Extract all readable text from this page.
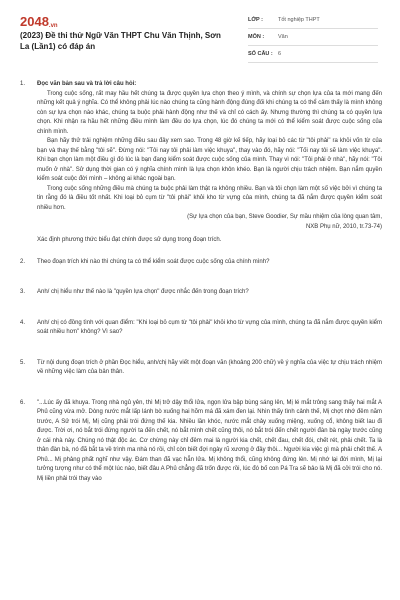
2048.vn
(2023) Đề thi thử Ngữ Văn THPT Chu Văn Thịnh, Sơn La (Lần1) có đáp án
LỚP :	Tốt nghiệp THPT
MÔN :	Văn
SỐ CÂU : 6
1.	Đọc văn bản sau và trả lời câu hỏi:

Trong cuộc sống, rất may hầu hết chúng ta được quyền lựa chọn theo ý mình, và chính sự chọn lựa của ta mới mang đến những kết quả ý nghĩa. Có thể không phải lúc nào chúng ta cũng hành động đúng đối khi chúng ta có thể cảm thấy là mình không còn sự lựa chọn nào khác, chúng ta buộc phải hành động như thế và chỉ có cách ấy. Nhưng thường thì chúng ta có quyền lựa chọn. Khi nhận ra hầu hết những điều mình làm đều do lựa chọn, lúc đó chúng ta mới có thể kiểm soát được cuộc sống của chính mình.

Bạn hãy thử trải nghiệm những điều sau đây xem sao. Trong 48 giờ kế tiếp, hãy loại bỏ các từ "tôi phải" ra khỏi vốn từ của bạn và thay thế bằng "tôi sẽ". Đừng nói: "Tôi nay tôi phải làm việc khuya", thay vào đó, hãy nói: "Tối nay tôi sẽ làm việc khuya". Khi bạn chọn làm một điều gì đó lúc là bạn đang kiểm soát được cuộc sống của mình. Thay vì nói: "Tôi phải ở nhà", hãy nói: "Tôi muốn ở nhà". Sử dụng thời gian có ý nghĩa chính mình là lựa chọn khôn khéo. Bạn là người chịu trách nhiệm. Bạn nắm quyền kiểm soát cuộc đời mình – không ai khác ngoài bạn.

Trong cuộc sống những điều mà chúng ta buộc phải làm thật ra không nhiều. Bạn và tôi chọn làm một số việc bởi vì chúng ta tin rằng đó là điều tốt nhất. Khi loại bỏ cụm từ "tôi phải" khỏi kho từ vựng của mình, chúng ta đã nắm được quyền kiểm soát nhiều hơn.

(Sự lựa chọn của bạn, Steve Goodier, Sự mầu nhiệm của lòng quan tâm,
NXB Phụ nữ, 2010, tr.73-74)

Xác định phương thức biểu đạt chính được sử dụng trong đoạn trích.

2.	Theo đoạn trích khi nào thì chúng ta có thể kiểm soát được cuộc sống của chính mình?
3.	Anh/ chị hiểu như thế nào là "quyền lựa chọn" được nhắc đến trong đoạn trích?
4.	Anh/ chị có đồng tình với quan điểm: "Khi loại bỏ cụm từ "tôi phải" khỏi kho từ vựng của mình, chúng ta đã nắm được quyền kiểm soát nhiều hơn" không? Vì sao?
5.	Từ nội dung đoạn trích ở phần Đọc hiểu, anh/chị hãy viết một đoạn văn (khoảng 200 chữ) về ý nghĩa của việc tự chịu trách nhiệm về những việc làm của bản thân.
6.	"...Lúc ấy đã khuya. Trong nhà ngủ yên, thì Mị trở dậy thổi lửa, ngọn lửa bập bùng sáng lên, Mị lé mắt trông sang thấy hai mắt A Phủ cũng vừa mở. Dòng nước mắt lấp lánh bò xuống hai hõm má đã xám đen lại. Nhìn thấy tình cảnh thế, Mị chợt nhớ đêm năm trước, A Sử trói Mị, Mị cũng phải trói đứng thế kia. Nhiều lần khóc, nước mắt chảy xuống miệng, xuống cổ, không biết lau đi được. Trời ơi, nó bắt trói đứng người ta đến chết, nó bắt mình chết cũng thôi, nó bắt trói đến chết người đàn bà ngày trước cũng ở cái nhà này. Chúng nó thật độc ác. Cơ chừng này chỉ đêm mai là người kia chết, chết đau, chết đói, chết rét, phải chết. Ta là thân đàn bà, nó đã bắt ta về trình ma nhà nó rồi, chỉ còn biết đợi ngày rũ xương ở đây thôi... Người kia việc gì mà phải chết thế. A Phủ... Mị phảng phất nghĩ như vậy. Đám than đã vạc hẳn lửa. Mị không thổi, cũng không đứng lên. Mị nhớ lại đời mình, Mị lại tưởng tượng như có thể một lúc nào, biết đâu A Phủ chẳng đã trốn được rồi, lúc đó bố con Pá Tra sẽ bảo là Mị đã cởi trói cho nó. Mị liền phải trói thay vào
